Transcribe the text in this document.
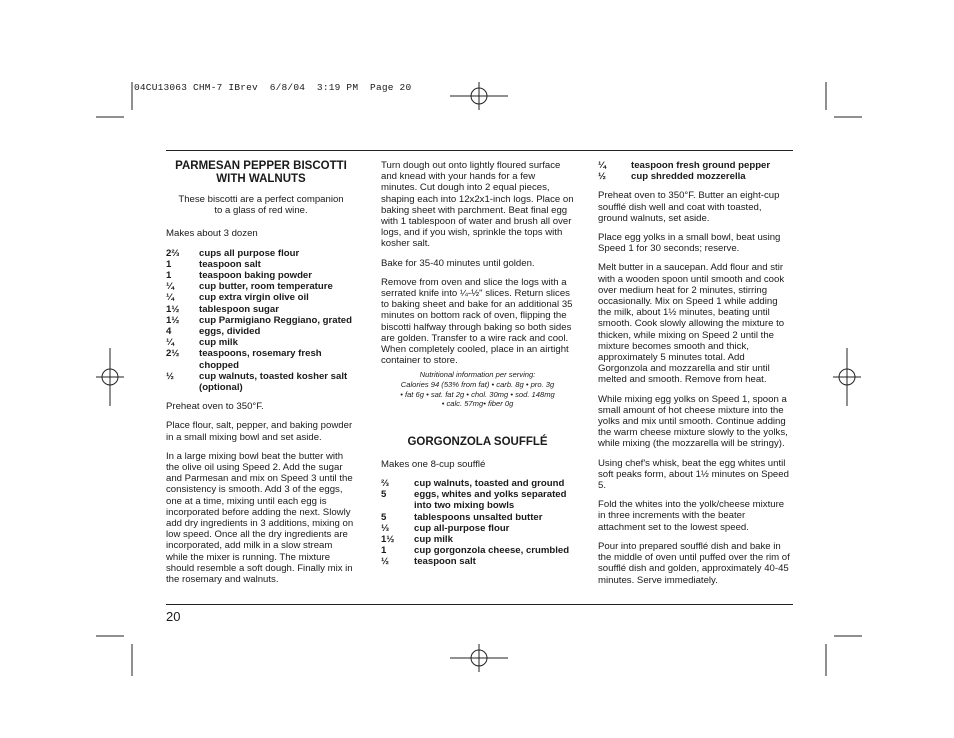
04CU13063 CHM-7 IBrev  6/8/04  3:19 PM  Page 20
PARMESAN PEPPER BISCOTTI
WITH WALNUTS
These biscotti are a perfect companion
to a glass of red wine.

Makes about 3 dozen

2⅔	cups all purpose flour
1	teaspoon salt
1	teaspoon baking powder
¼	cup butter, room temperature
¼	cup extra virgin olive oil
1½	tablespoon sugar
1½	cup Parmigiano Reggiano, grated
4	eggs, divided
¼	cup milk
2½	teaspoons, rosemary fresh chopped
½	cup walnuts, toasted kosher salt (optional)

Preheat oven to 350°F.

Place flour, salt, pepper, and baking powder in a small mixing bowl and set aside.

In a large mixing bowl beat the butter with the olive oil using Speed 2. Add the sugar and Parmesan and mix on Speed 3 until the consistency is smooth. Add 3 of the eggs, one at a time, mixing until each egg is incorporated before adding the next. Slowly add dry ingredients in 3 additions, mixing on low speed. Once all the dry ingredients are incorporated, add milk in a slow stream while the mixer is running. The mixture should resemble a soft dough. Finally mix in the rosemary and walnuts.

Turn dough out onto lightly floured surface and knead with your hands for a few minutes. Cut dough into 2 equal pieces, shaping each into 12x2x1-inch logs. Place on baking sheet with parchment. Beat final egg with 1 tablespoon of water and brush all over logs, and if you wish, sprinkle the tops with kosher salt.

Bake for 35-40 minutes until golden.

Remove from oven and slice the logs with a serrated knife into ¼-½" slices. Return slices to baking sheet and bake for an additional 35 minutes on bottom rack of oven, flipping the biscotti halfway through baking so both sides are golden. Transfer to a wire rack and cool. When completely cooled, place in an airtight container to store.

Nutritional information per serving:
Calories 94 (53% from fat) • carb. 8g • pro. 3g
• fat 6g • sat. fat 2g • chol. 30mg • sod. 148mg
• calc. 57mg• fiber 0g
GORGONZOLA SOUFFLÉ

Makes one 8-cup soufflé

⅔	cup walnuts, toasted and ground
5	eggs, whites and yolks separated into two mixing bowls
5	tablespoons unsalted butter
⅓	cup all-purpose flour
1½	cup milk
1	cup gorgonzola cheese, crumbled
½	teaspoon salt
¼	teaspoon fresh ground pepper
½	cup shredded mozzerella

Preheat oven to 350°F. Butter an eight-cup soufflé dish well and coat with toasted, ground walnuts, set aside.

Place egg yolks in a small bowl, beat using Speed 1 for 30 seconds; reserve.

Melt butter in a saucepan. Add flour and stir with a wooden spoon until smooth and cook over medium heat for 2 minutes, stirring occasionally. Mix on Speed 1 while adding the milk, about 1½ minutes, beating until smooth. Cook slowly allowing the mixture to thicken, while mixing on Speed 2 until the mixture becomes smooth and thick, approximately 5 minutes total. Add Gorgonzola and mozzarella and stir until melted and smooth. Remove from heat.

While mixing egg yolks on Speed 1, spoon a small amount of hot cheese mixture into the yolks and mix until smooth. Continue adding the warm cheese mixture slowly to the yolks, while mixing (the mozzarella will be stringy).

Using chef's whisk, beat the egg whites until soft peaks form, about 1½ minutes on Speed 5.

Fold the whites into the yolk/cheese mixture in three increments with the beater attachment set to the lowest speed.

Pour into prepared soufflé dish and bake in the middle of oven until puffed over the rim of soufflé dish and golden, approximately 40-45 minutes. Serve immediately.

20
